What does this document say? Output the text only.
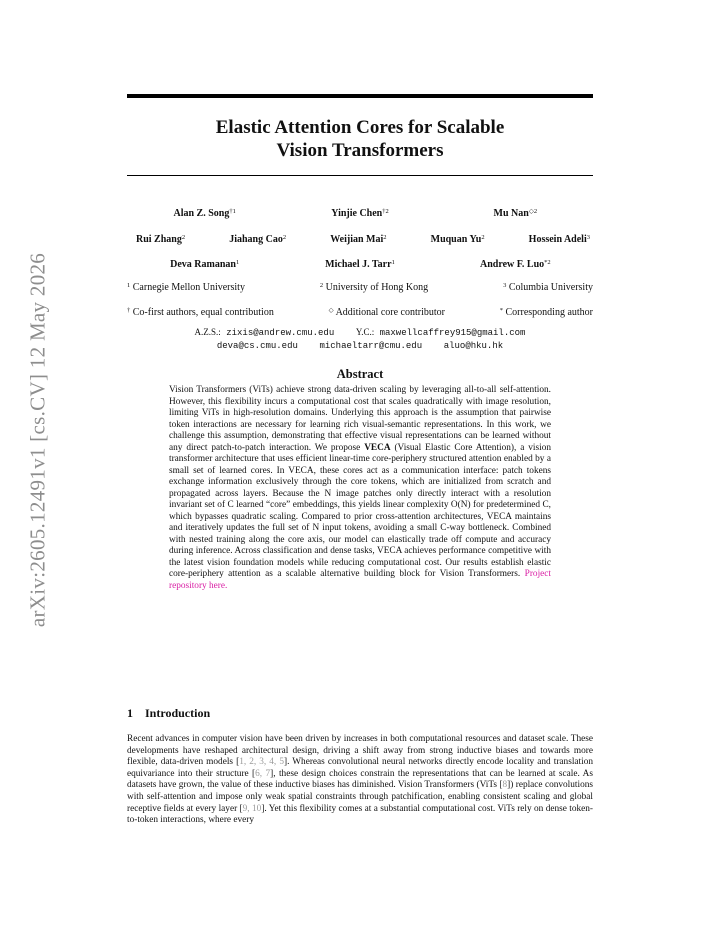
arXiv:2605.12491v1 [cs.CV] 12 May 2026
Elastic Attention Cores for Scalable
Vision Transformers
Alan Z. Song$^{\dagger 1}$	Yinjie Chen$^{\dagger 2}$	Mu Nan$^{◇2}$
Rui Zhang$^2$	Jiahang Cao$^2$	Weijian Mai$^2$	Muquan Yu$^2$	Hossein Adeli$^3$
Deva Ramanan$^1$	Michael J. Tarr$^1$	Andrew F. Luo$^{*2}$
$^1$ Carnegie Mellon University	$^2$ University of Hong Kong	$^3$ Columbia University
† Co-first authors, equal contribution	◇ Additional core contributor	* Corresponding author
A.Z.S.: zixis@andrew.cmu.edu Y.C.: maxwellcaffrey915@gmail.com
deva@cs.cmu.edu michaeltarr@cmu.edu aluo@hku.hk
Abstract
Vision Transformers (ViTs) achieve strong data-driven scaling by leveraging all-to-all self-attention. However, this flexibility incurs a computational cost that scales quadratically with image resolution, limiting ViTs in high-resolution domains. Underlying this approach is the assumption that pairwise token interactions are necessary for learning rich visual-semantic representations. In this work, we challenge this assumption, demonstrating that effective visual representations can be learned without any direct patch-to-patch interaction. We propose VECA (Visual Elastic Core Attention), a vision transformer architecture that uses efficient linear-time core-periphery structured attention enabled by a small set of learned cores. In VECA, these cores act as a communication interface: patch tokens exchange information exclusively through the core tokens, which are initialized from scratch and propagated across layers. Because the N image patches only directly interact with a resolution invariant set of C learned “core” embeddings, this yields linear complexity O(N) for predetermined C, which bypasses quadratic scaling. Compared to prior cross-attention architectures, VECA maintains and iteratively updates the full set of N input tokens, avoiding a small C-way bottleneck. Combined with nested training along the core axis, our model can elastically trade off compute and accuracy during inference. Across classification and dense tasks, VECA achieves performance competitive with the latest vision foundation models while reducing computational cost. Our results establish elastic core-periphery attention as a scalable alternative building block for Vision Transformers. Project repository here.
1 Introduction
Recent advances in computer vision have been driven by increases in both computational resources and dataset scale. These developments have reshaped architectural design, driving a shift away from strong inductive biases and towards more flexible, data-driven models [1, 2, 3, 4, 5]. Whereas convolutional neural networks directly encode locality and translation equivariance into their structure [6, 7], these design choices constrain the representations that can be learned at scale. As datasets have grown, the value of these inductive biases has diminished. Vision Transformers (ViTs [8]) replace convolutions with self-attention and impose only weak spatial constraints through patchification, enabling consistent scaling and global receptive fields at every layer [9, 10]. Yet this flexibility comes at a substantial computational cost. ViTs rely on dense token-to-token interactions, where every
